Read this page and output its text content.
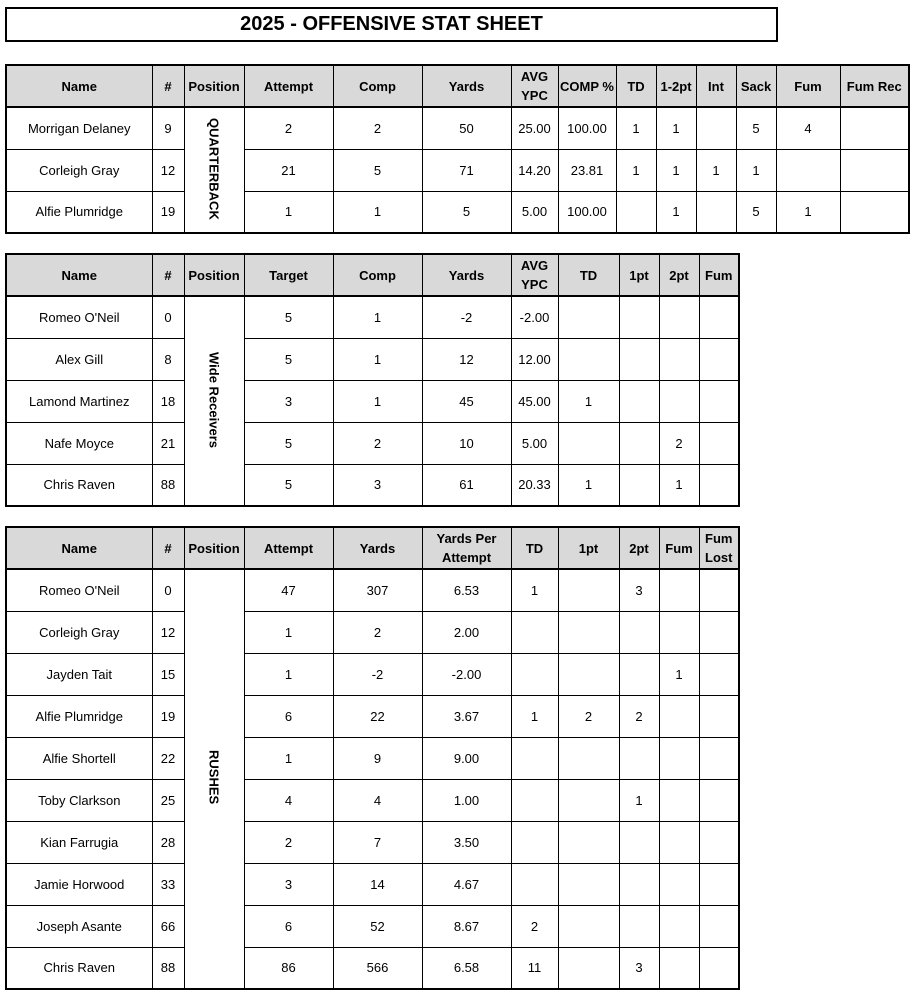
2025 - OFFENSIVE STAT SHEET
Name	#	Position	Attempt	Comp	Yards	AVG YPC	COMP %	TD	1-2pt	Int	Sack	Fum	Fum Rec
Morrigan Delaney	9	QUARTERBACK	2	2	50	25.00	100.00	1	1		5	4	
Corleigh Gray	12		21	5	71	14.20	23.81	1	1	1	1		
Alfie Plumridge	19		1	1	5	5.00	100.00		1		5	1	
Name	#	Position	Target	Comp	Yards	AVG YPC	TD	1pt	2pt	Fum
Romeo O'Neil	0	Wide Receivers	5	1	-2	-2.00				
Alex Gill	8		5	1	12	12.00				
Lamond Martinez	18		3	1	45	45.00	1			
Nafe Moyce	21		5	2	10	5.00			2	
Chris Raven	88		5	3	61	20.33	1		1	
Name	#	Position	Attempt	Yards	Yards Per Attempt	TD	1pt	2pt	Fum	Fum Lost
Romeo O'Neil	0	RUSHES	47	307	6.53	1		3		
Corleigh Gray	12		1	2	2.00					
Jayden Tait	15		1	-2	-2.00				1	
Alfie Plumridge	19		6	22	3.67	1	2	2		
Alfie Shortell	22		1	9	9.00					
Toby Clarkson	25		4	4	1.00			1		
Kian Farrugia	28		2	7	3.50					
Jamie Horwood	33		3	14	4.67					
Joseph Asante	66		6	52	8.67	2				
Chris Raven	88		86	566	6.58	11		3		
